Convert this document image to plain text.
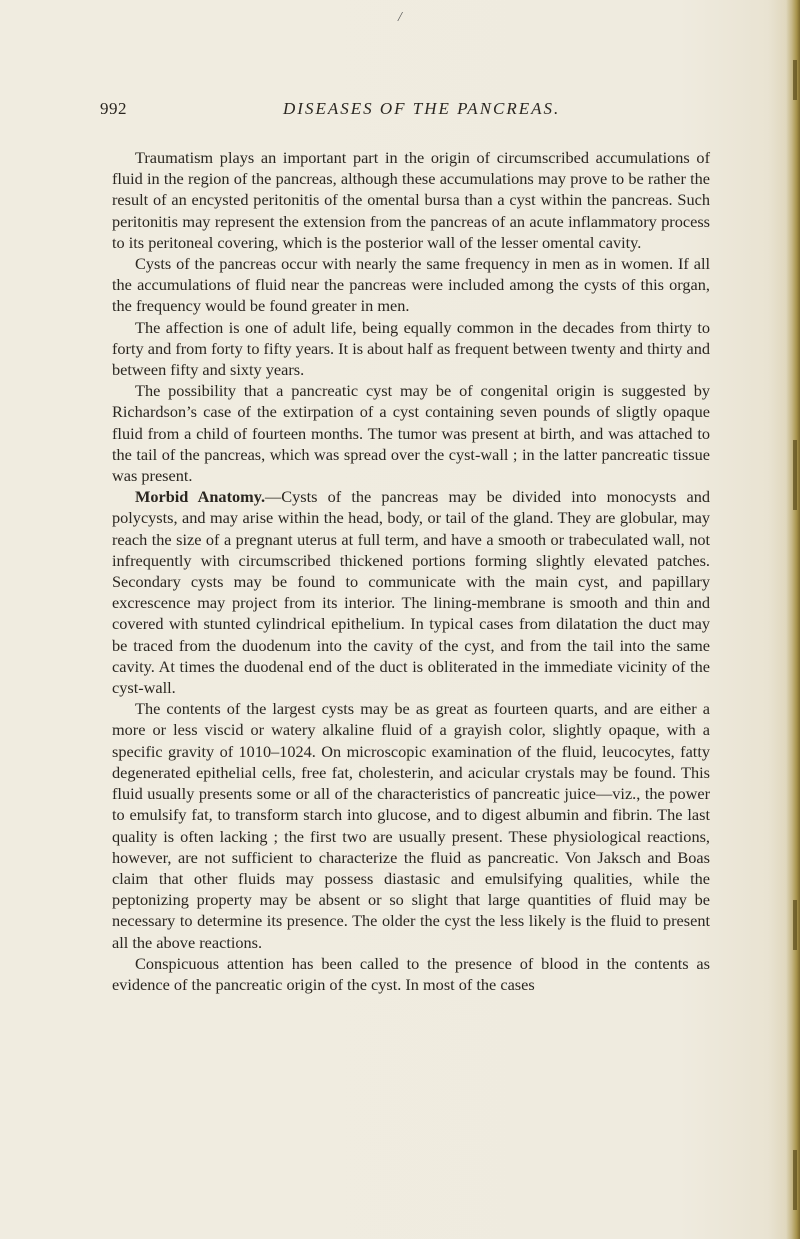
/
992	DISEASES OF THE PANCREAS.

Traumatism plays an important part in the origin of circumscribed accumulations of fluid in the region of the pancreas, although these accumulations may prove to be rather the result of an encysted peritonitis of the omental bursa than a cyst within the pancreas. Such peritonitis may represent the extension from the pancreas of an acute inflammatory process to its peritoneal covering, which is the posterior wall of the lesser omental cavity.

Cysts of the pancreas occur with nearly the same frequency in men as in women. If all the accumulations of fluid near the pancreas were included among the cysts of this organ, the frequency would be found greater in men.

The affection is one of adult life, being equally common in the decades from thirty to forty and from forty to fifty years. It is about half as frequent between twenty and thirty and between fifty and sixty years.

The possibility that a pancreatic cyst may be of congenital origin is suggested by Richardson’s case of the extirpation of a cyst containing seven pounds of sligtly opaque fluid from a child of fourteen months. The tumor was present at birth, and was attached to the tail of the pancreas, which was spread over the cyst-wall ; in the latter pancreatic tissue was present.

Morbid Anatomy.—Cysts of the pancreas may be divided into monocysts and polycysts, and may arise within the head, body, or tail of the gland. They are globular, may reach the size of a pregnant uterus at full term, and have a smooth or trabeculated wall, not infrequently with circumscribed thickened portions forming slightly elevated patches. Secondary cysts may be found to communicate with the main cyst, and papillary excrescence may project from its interior. The lining-membrane is smooth and thin and covered with stunted cylindrical epithelium. In typical cases from dilatation the duct may be traced from the duodenum into the cavity of the cyst, and from the tail into the same cavity. At times the duodenal end of the duct is obliterated in the immediate vicinity of the cyst-wall.

The contents of the largest cysts may be as great as fourteen quarts, and are either a more or less viscid or watery alkaline fluid of a grayish color, slightly opaque, with a specific gravity of 1010–1024. On microscopic examination of the fluid, leucocytes, fatty degenerated epithelial cells, free fat, cholesterin, and acicular crystals may be found. This fluid usually presents some or all of the characteristics of pancreatic juice—viz., the power to emulsify fat, to transform starch into glucose, and to digest albumin and fibrin. The last quality is often lacking ; the first two are usually present. These physiological reactions, however, are not sufficient to characterize the fluid as pancreatic. Von Jaksch and Boas claim that other fluids may possess diastasic and emulsifying qualities, while the peptonizing property may be absent or so slight that large quantities of fluid may be necessary to determine its presence. The older the cyst the less likely is the fluid to present all the above reactions.

Conspicuous attention has been called to the presence of blood in the contents as evidence of the pancreatic origin of the cyst. In most of the cases
